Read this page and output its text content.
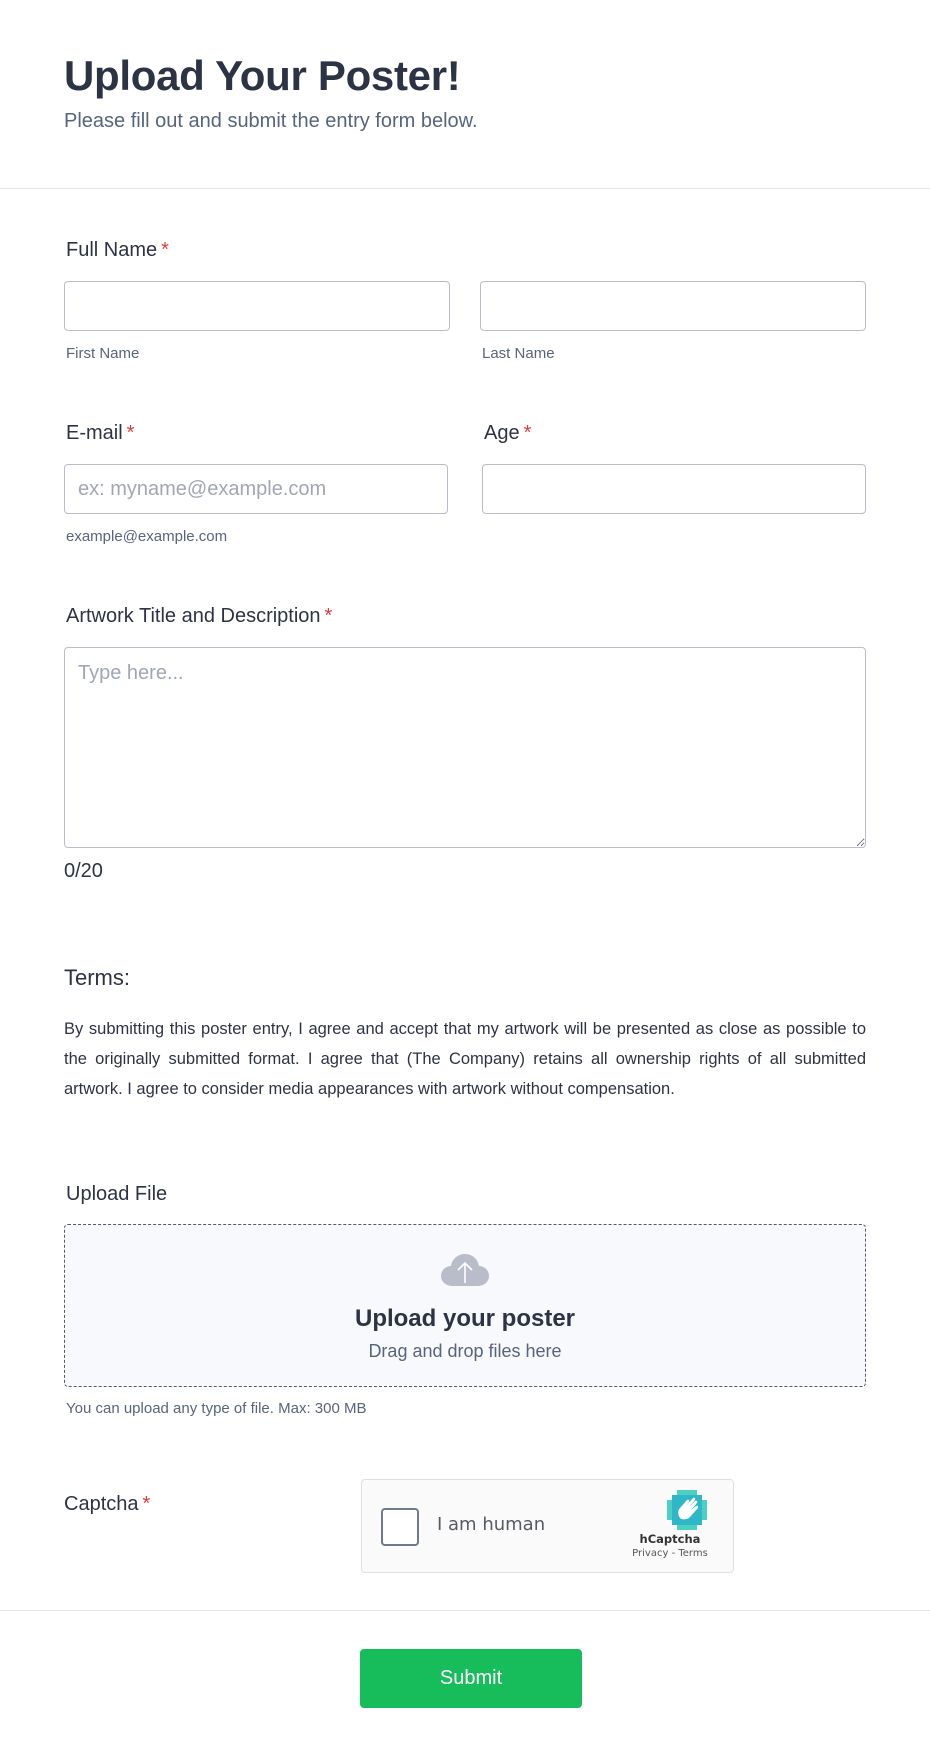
Upload Your Poster!
Please fill out and submit the entry form below.
Full Name *
First Name	Last Name
E-mail *
ex: myname@example.com
example@example.com
Age *
Artwork Title and Description *
Type here...
0/20
Terms:

By submitting this poster entry, I agree and accept that my artwork will be presented as close as possible to the originally submitted format. I agree that (The Company) retains all ownership rights of all submitted artwork. I agree to consider media appearances with artwork without compensation.

Upload File
Upload your poster
Drag and drop files here
You can upload any type of file. Max: 300 MB
Captcha *
I am human
hCaptcha
Privacy - Terms
Submit
